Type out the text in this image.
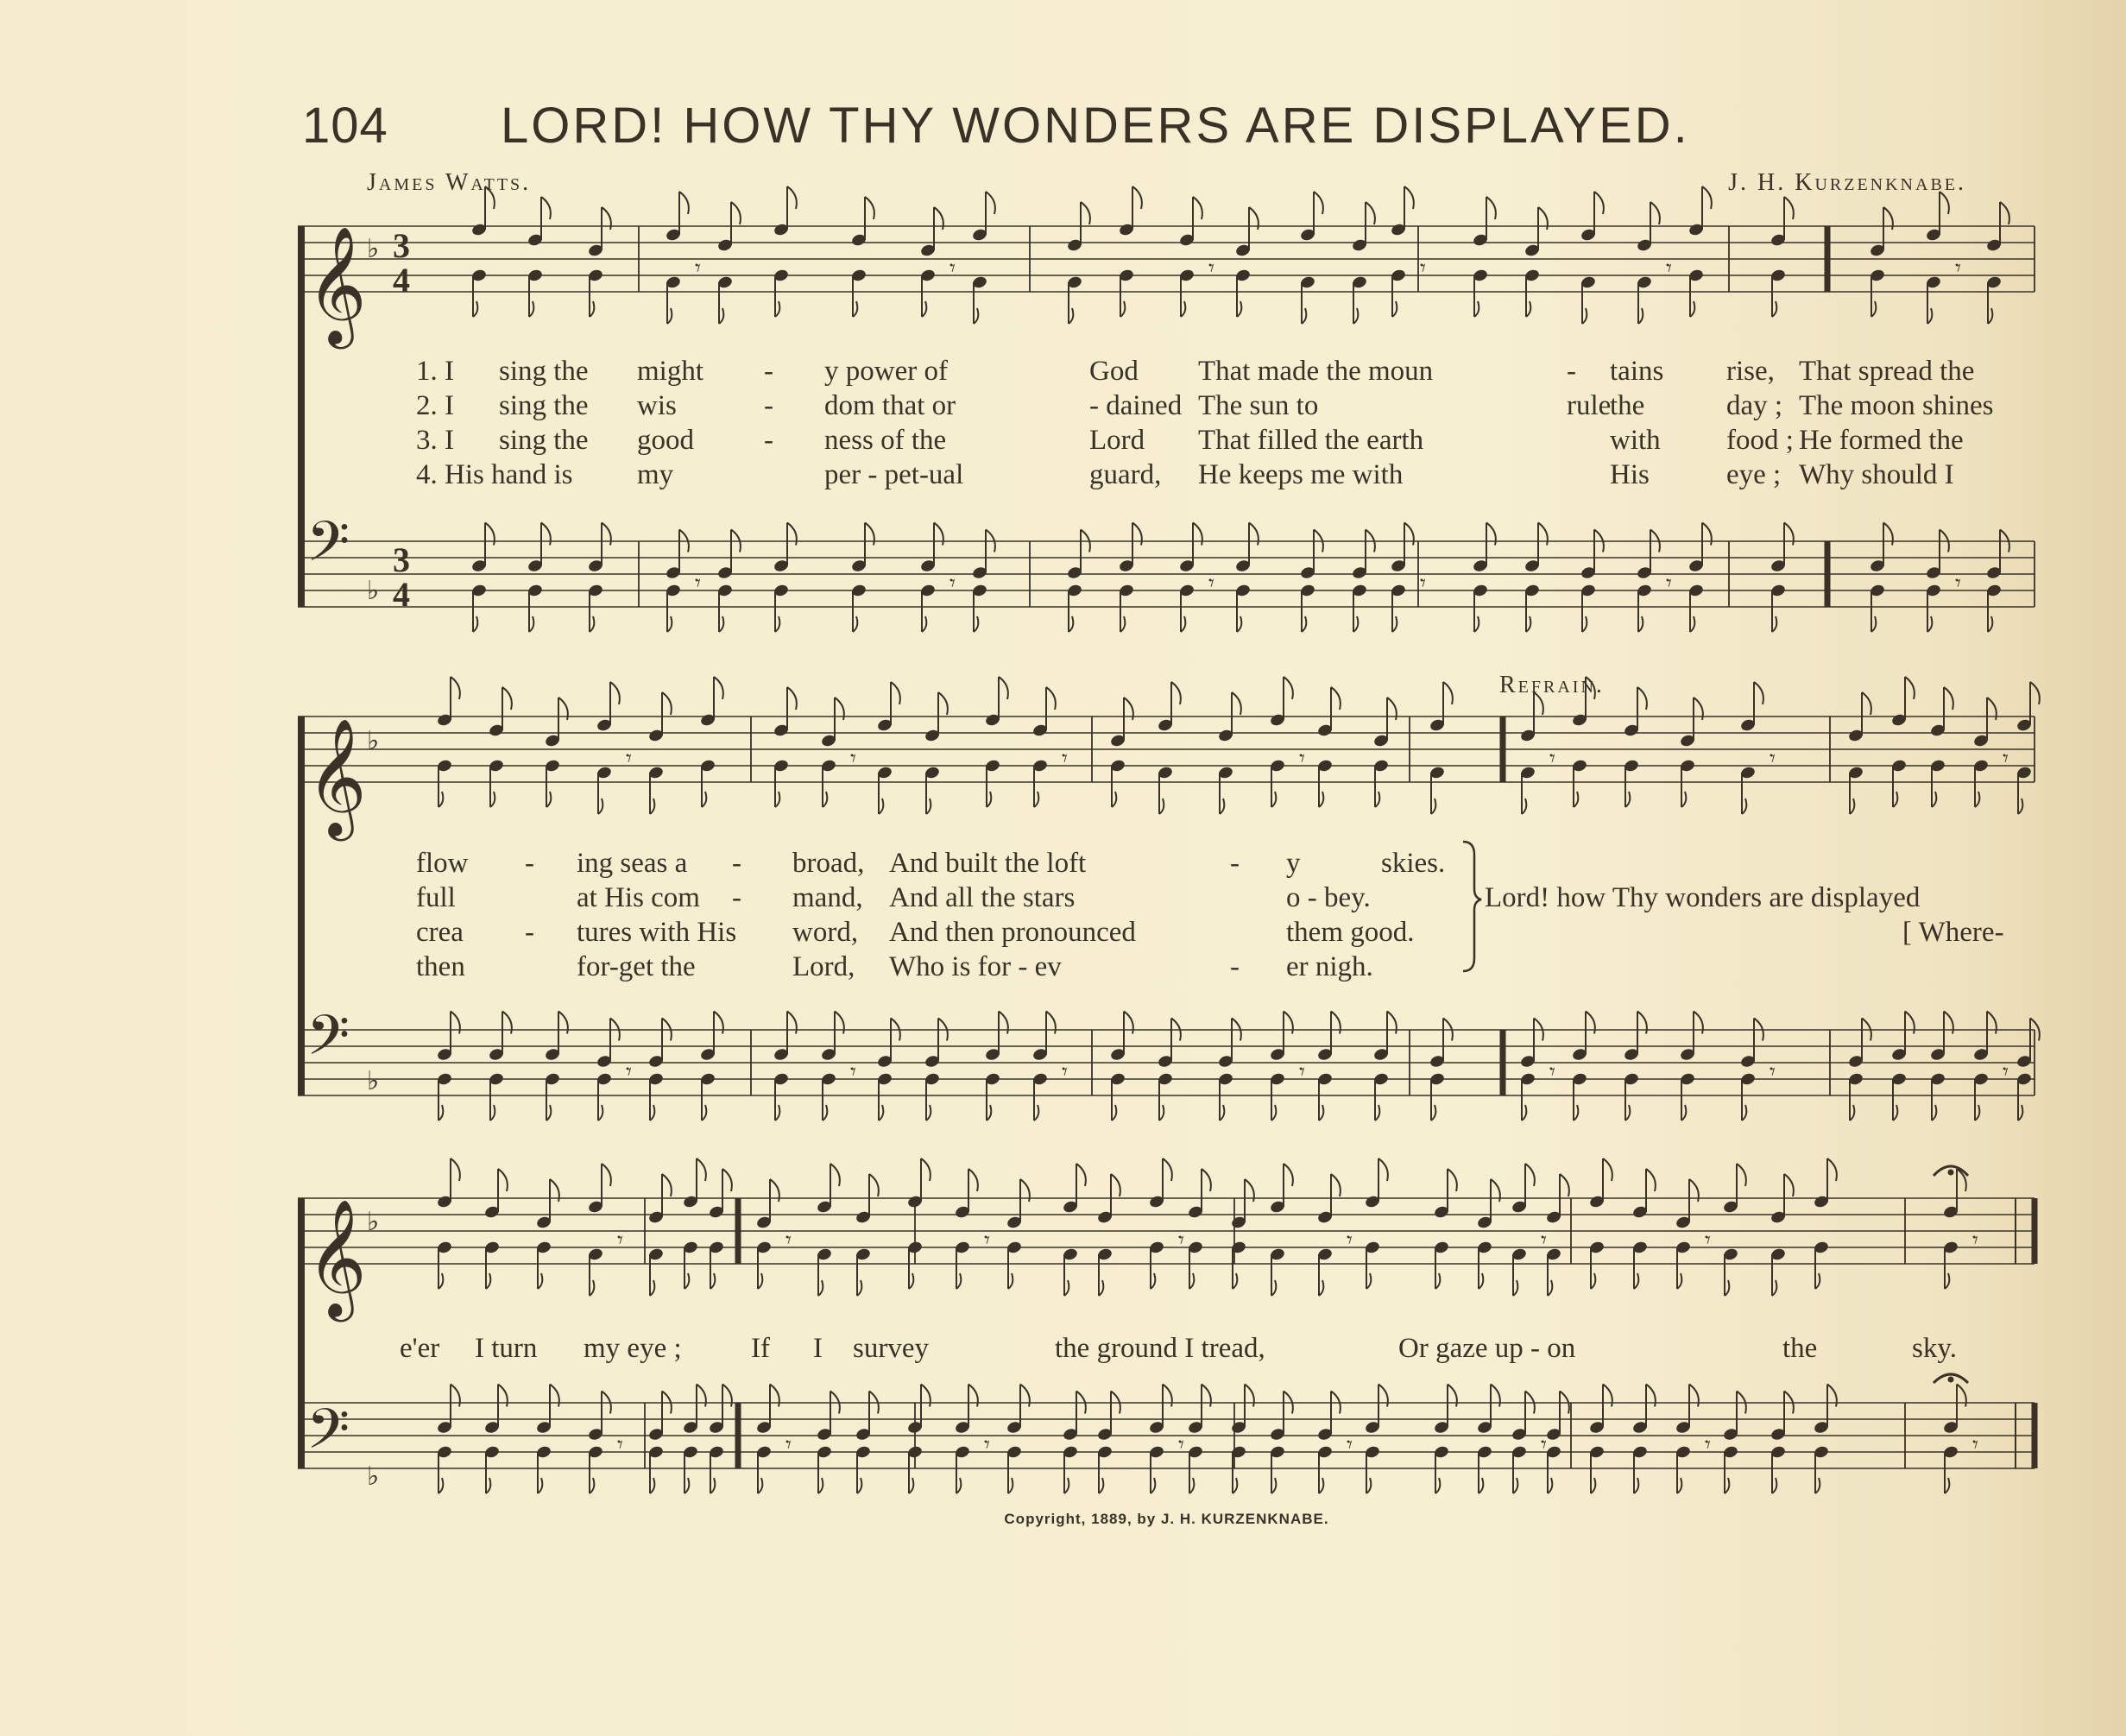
104 LORD! HOW THY WONDERS ARE DISPLAYED.
James Watts.	J. H. Kurzenknabe.
Refrain.
𝄞
𝄢
𝄞
𝄢
𝄞
𝄢
♭
♭
♭
♭
♭
♭
3
4
3
4
𝄾	𝄾	𝄾	𝄾	𝄾	𝄾
𝄾	𝄾	𝄾	𝄾	𝄾	𝄾
𝄾	𝄾	𝄾	𝄾	𝄾	𝄾	𝄾
𝄾	𝄾	𝄾	𝄾	𝄾	𝄾	𝄾
𝄾	𝄾	𝄾	𝄾	𝄾	𝄾	𝄾	𝄾
𝄾	𝄾	𝄾	𝄾	𝄾	𝄾	𝄾	𝄾
1. I sing the might - y power of	God That made the moun	- tains rise, That spread the
2. I sing the wis	- dom that or	- dained The sun to	rule
the	day ; The moon shines
3. I sing the good - ness of the	Lord That filled the earth	with food ; He formed the
4. His hand is my	per - pet-ual	guard, He keeps me with	His	eye ; Why should I
flow - ing seas a - broad, And built the loft	- y	skies.
full	at His com - mand, And all the stars	o - bey.
crea - tures with His word, And then pronounced	them good.
then	for-get the	Lord, Who is for - ev	- er nigh.
Lord! how Thy wonders are displayed
[ Where-
e'er I turn my eye ; If I survey	the ground I tread,	Or gaze up - on	the	sky.
Copyright, 1889, by J. H. KURZENKNABE.
